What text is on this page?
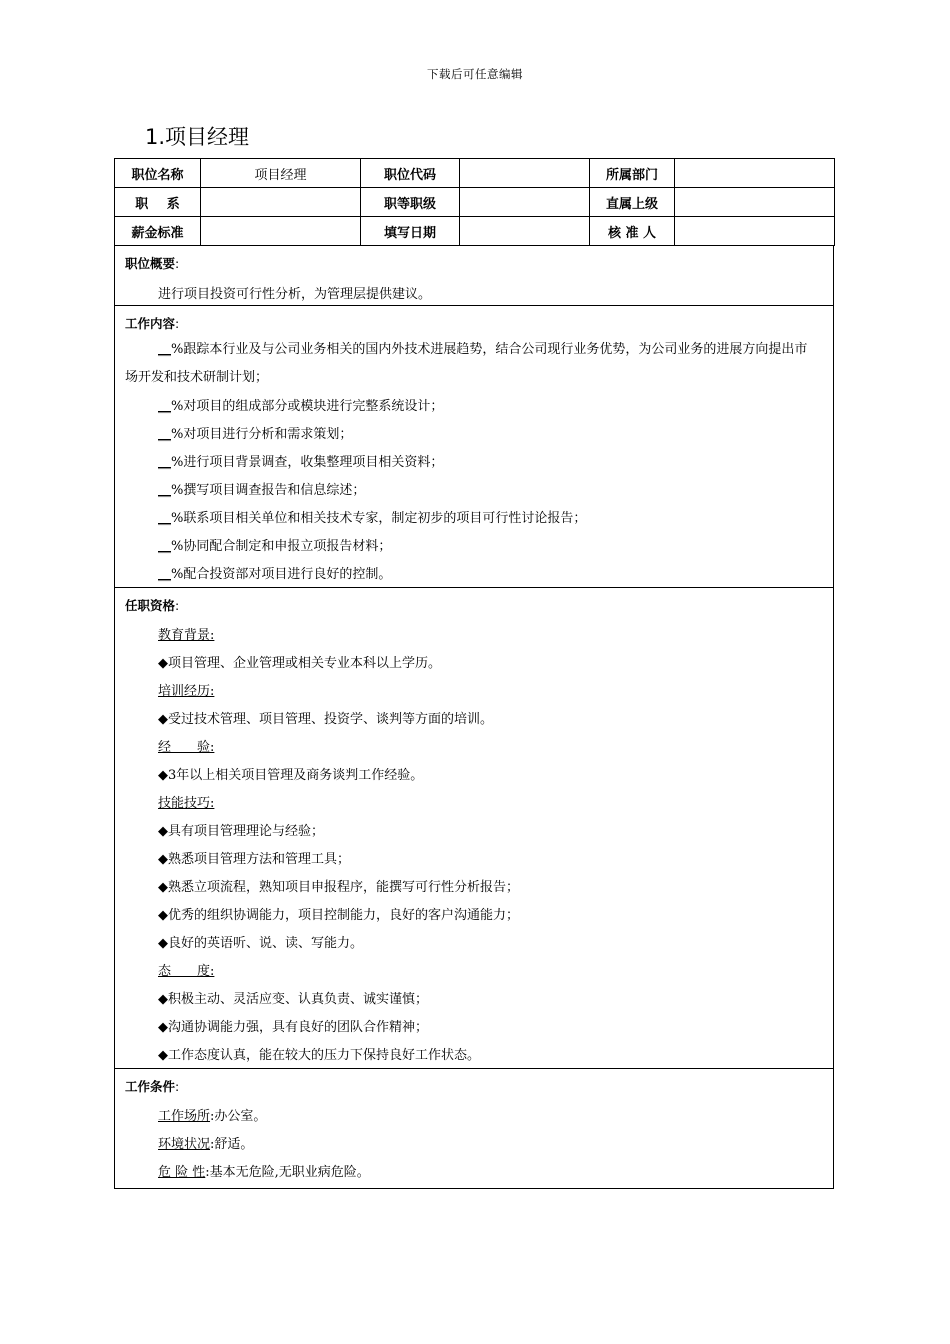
下载后可任意编辑
1.项目经理
职位名称	项目经理	职位代码		所属部门	
职 系		职等职级		直属上级	
薪金标准		填写日期		核 准 人	
职位概要:
进行项目投资可行性分析，为管理层提供建议。
工作内容:
__%跟踪本行业及与公司业务相关的国内外技术进展趋势，结合公司现行业务优势，为公司业务的进展方向提出市场开发和技术研制计划；
__%对项目的组成部分或模块进行完整系统设计；
__%对项目进行分析和需求策划；
__%进行项目背景调查，收集整理项目相关资料；
__%撰写项目调查报告和信息综述；
__%联系项目相关单位和相关技术专家，制定初步的项目可行性讨论报告；
__%协同配合制定和申报立项报告材料；
__%配合投资部对项目进行良好的控制。
任职资格:
教育背景:
◆项目管理、企业管理或相关专业本科以上学历。
培训经历:
◆受过技术管理、项目管理、投资学、谈判等方面的培训。
经　　验:
◆3年以上相关项目管理及商务谈判工作经验。
技能技巧:
◆具有项目管理理论与经验；
◆熟悉项目管理方法和管理工具；
◆熟悉立项流程，熟知项目申报程序，能撰写可行性分析报告；
◆优秀的组织协调能力，项目控制能力，良好的客户沟通能力；
◆良好的英语听、说、读、写能力。
态　　度:
◆积极主动、灵活应变、认真负责、诚实谨慎；
◆沟通协调能力强，具有良好的团队合作精神；
◆工作态度认真，能在较大的压力下保持良好工作状态。
工作条件:
工作场所:办公室。
环境状况:舒适。
危 险 性:基本无危险,无职业病危险。
